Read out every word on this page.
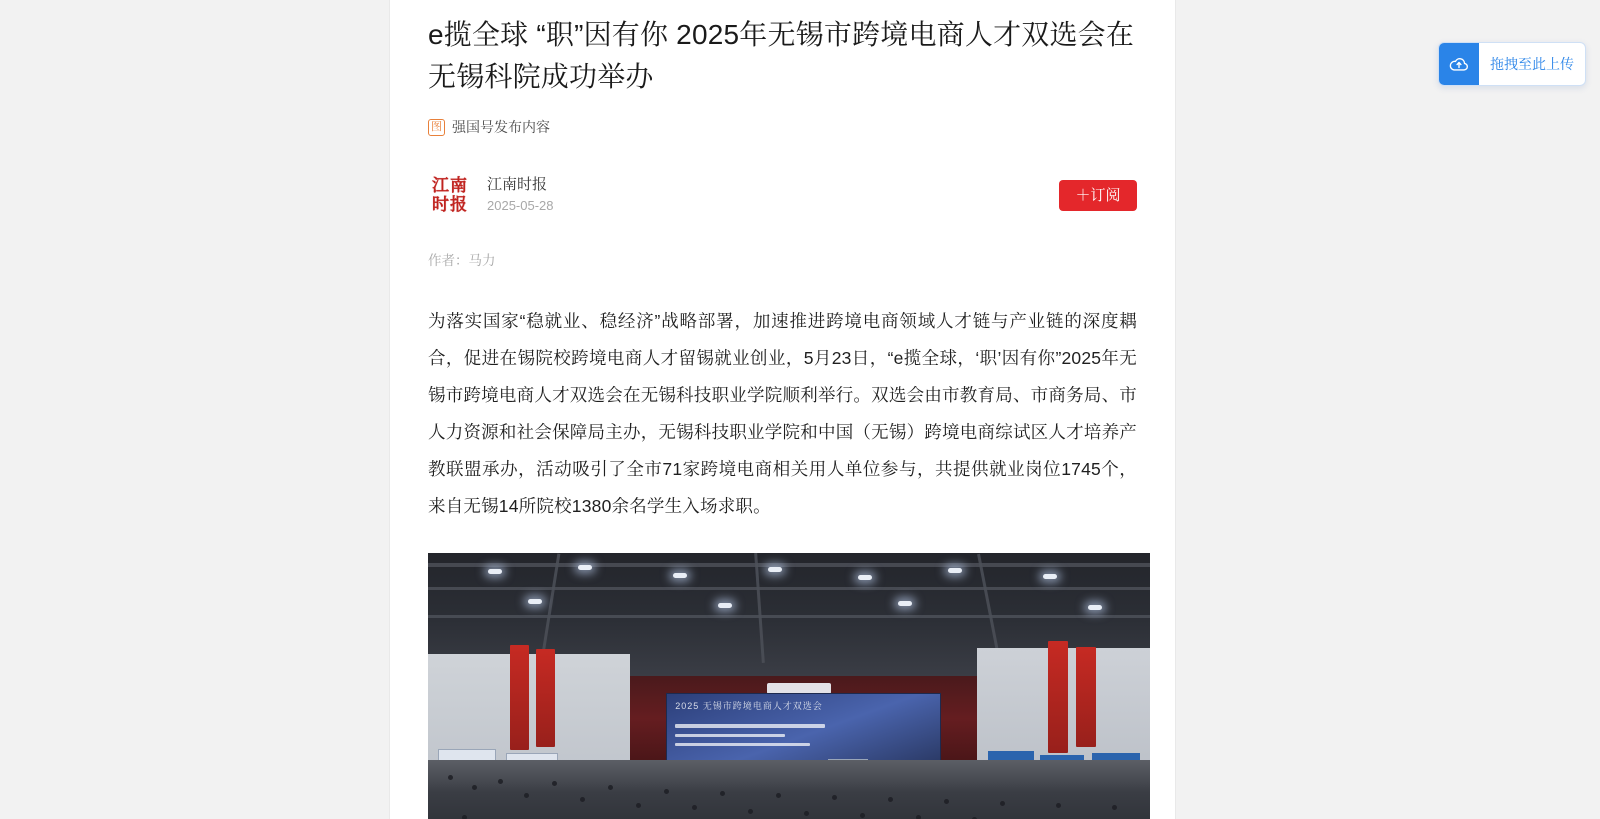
e揽全球 “职”因有你 2025年无锡市跨境电商人才双选会在无锡科院成功举办
图 强国号发布内容
江南
时报
江南时报
2025-05-28
＋订阅
作者：马力
为落实国家“稳就业、稳经济”战略部署，加速推进跨境电商领域人才链与产业链的深度耦合，促进在锡院校跨境电商人才留锡就业创业，5月23日，“e揽全球，‘职’因有你”2025年无锡市跨境电商人才双选会在无锡科技职业学院顺利举行。双选会由市教育局、市商务局、市人力资源和社会保障局主办，无锡科技职业学院和中国（无锡）跨境电商综试区人才培养产教联盟承办，活动吸引了全市71家跨境电商相关用人单位参与，共提供就业岗位1745个，来自无锡14所院校1380余名学生入场求职。
2025 无锡市跨境电商人才双选会
拖拽至此上传
